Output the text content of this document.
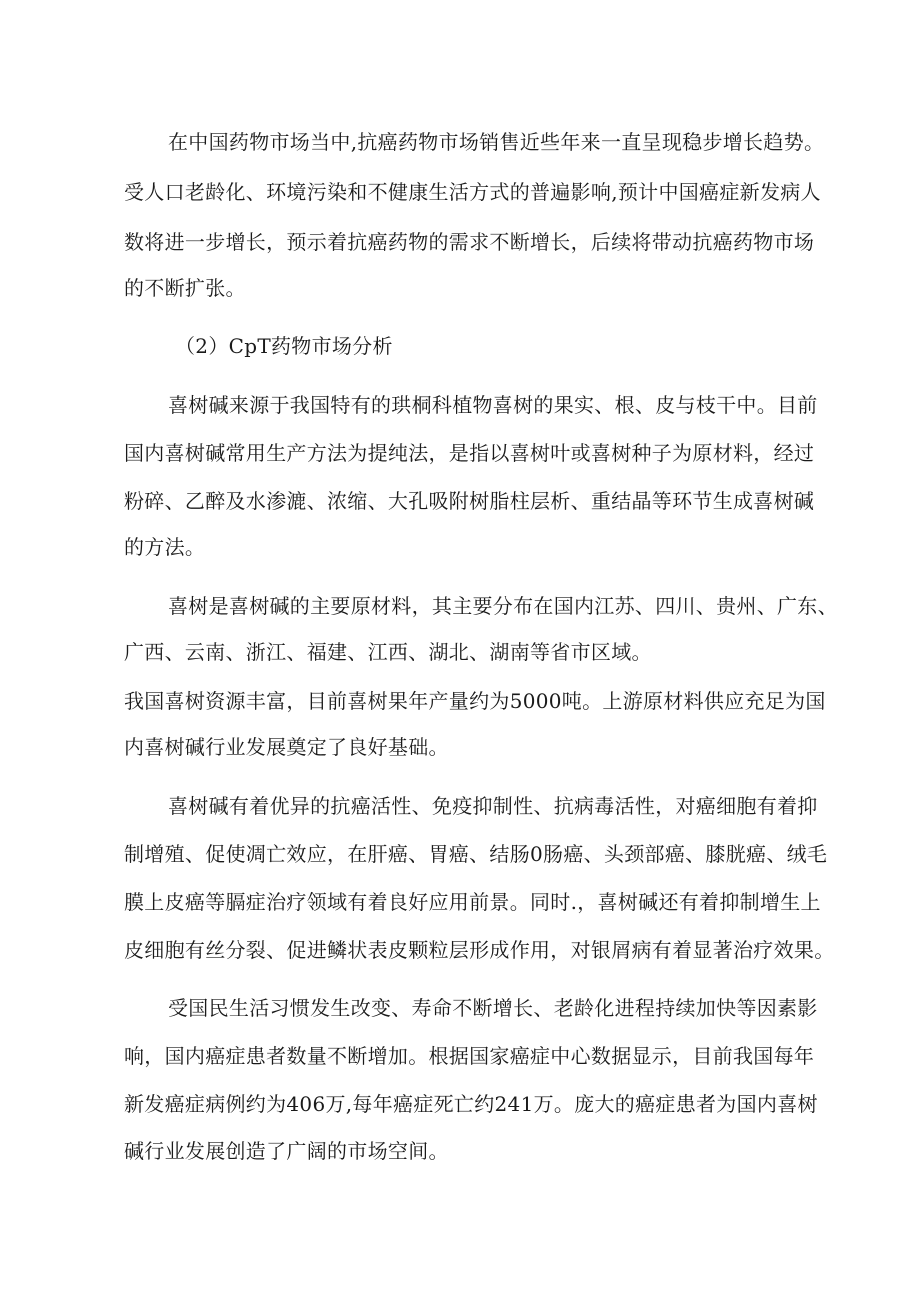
在中国药物市场当中,抗癌药物市场销售近些年来一直呈现稳步增长趋势。
受人口老龄化、环境污染和不健康生活方式的普遍影响,预计中国癌症新发病人
数将进一步增长，预示着抗癌药物的需求不断增长，后续将带动抗癌药物市场
的不断扩张。
（2）CpT药物市场分析
喜树碱来源于我国特有的珙桐科植物喜树的果实、根、皮与枝干中。目前
国内喜树碱常用生产方法为提纯法，是指以喜树叶或喜树种子为原材料，经过
粉碎、乙醉及水渗漉、浓缩、大孔吸附树脂柱层析、重结晶等环节生成喜树碱
的方法。
喜树是喜树碱的主要原材料，其主要分布在国内江苏、四川、贵州、广东、
广西、云南、浙江、福建、江西、湖北、湖南等省市区域。
我国喜树资源丰富，目前喜树果年产量约为5000吨。上游原材料供应充足为国
内喜树碱行业发展奠定了良好基础。
喜树碱有着优异的抗癌活性、免疫抑制性、抗病毒活性，对癌细胞有着抑
制增殖、促使凋亡效应，在肝癌、胃癌、结肠0肠癌、头颈部癌、膝胱癌、绒毛
膜上皮癌等膈症治疗领域有着良好应用前景。同时.，喜树碱还有着抑制增生上
皮细胞有丝分裂、促进鳞状表皮颗粒层形成作用，对银屑病有着显著治疗效果。
受国民生活习惯发生改变、寿命不断增长、老龄化进程持续加快等因素影
响，国内癌症患者数量不断增加。根据国家癌症中心数据显示，目前我国每年
新发癌症病例约为406万,每年癌症死亡约241万。庞大的癌症患者为国内喜树
碱行业发展创造了广阔的市场空间。
